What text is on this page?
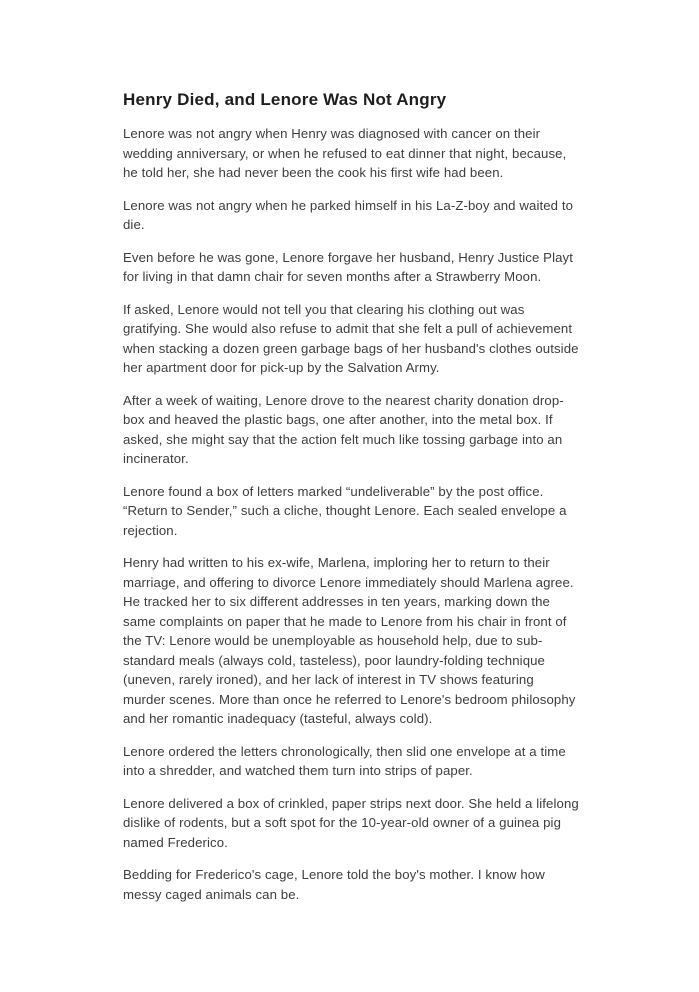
Henry Died, and Lenore Was Not Angry

Lenore was not angry when Henry was diagnosed with cancer on their wedding anniversary, or when he refused to eat dinner that night, because, he told her, she had never been the cook his first wife had been.

Lenore was not angry when he parked himself in his La-Z-boy and waited to die.

Even before he was gone, Lenore forgave her husband, Henry Justice Playt for living in that damn chair for seven months after a Strawberry Moon.

If asked, Lenore would not tell you that clearing his clothing out was gratifying. She would also refuse to admit that she felt a pull of achievement when stacking a dozen green garbage bags of her husband's clothes outside her apartment door for pick-up by the Salvation Army.

After a week of waiting, Lenore drove to the nearest charity donation drop-box and heaved the plastic bags, one after another, into the metal box. If asked, she might say that the action felt much like tossing garbage into an incinerator.

Lenore found a box of letters marked “undeliverable” by the post office. “Return to Sender,” such a cliche, thought Lenore. Each sealed envelope a rejection.

Henry had written to his ex-wife, Marlena, imploring her to return to their marriage, and offering to divorce Lenore immediately should Marlena agree. He tracked her to six different addresses in ten years, marking down the same complaints on paper that he made to Lenore from his chair in front of the TV: Lenore would be unemployable as household help, due to sub-standard meals (always cold, tasteless), poor laundry-folding technique (uneven, rarely ironed), and her lack of interest in TV shows featuring murder scenes. More than once he referred to Lenore's bedroom philosophy and her romantic inadequacy (tasteful, always cold).

Lenore ordered the letters chronologically, then slid one envelope at a time into a shredder, and watched them turn into strips of paper.

Lenore delivered a box of crinkled, paper strips next door. She held a lifelong dislike of rodents, but a soft spot for the 10-year-old owner of a guinea pig named Frederico.

Bedding for Frederico's cage, Lenore told the boy's mother. I know how messy caged animals can be.
